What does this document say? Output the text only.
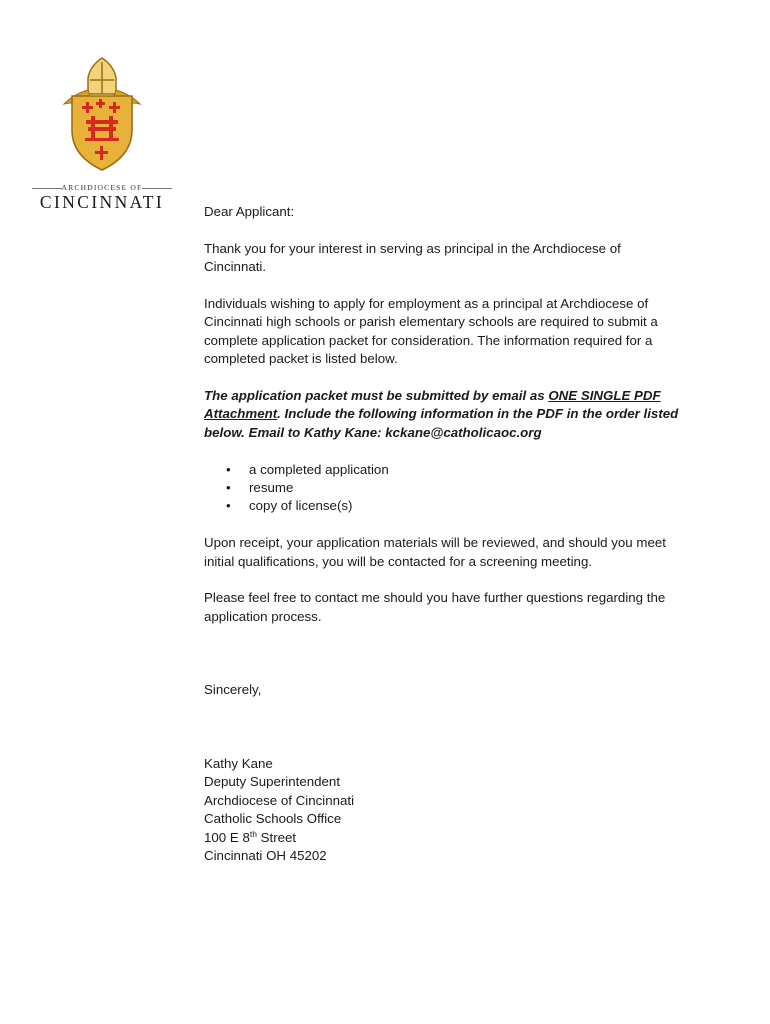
ARCHDIOCESE OF
CINCINNATI	Dear Applicant:

Thank you for your interest in serving as principal in the Archdiocese of Cincinnati.

Individuals wishing to apply for employment as a principal at Archdiocese of Cincinnati high schools or parish elementary schools are required to submit a complete application packet for consideration. The information required for a completed packet is listed below.

The application packet must be submitted by email as ONE SINGLE PDF Attachment. Include the following information in the PDF in the order listed below. Email to Kathy Kane: kckane@catholicaoc.org

• a completed application
• resume
• copy of license(s)

Upon receipt, your application materials will be reviewed, and should you meet initial qualifications, you will be contacted for a screening meeting.

Please feel free to contact me should you have further questions regarding the application process.

Sincerely,

Kathy Kane
Deputy Superintendent
Archdiocese of Cincinnati
Catholic Schools Office
100 E 8th Street
Cincinnati OH 45202
